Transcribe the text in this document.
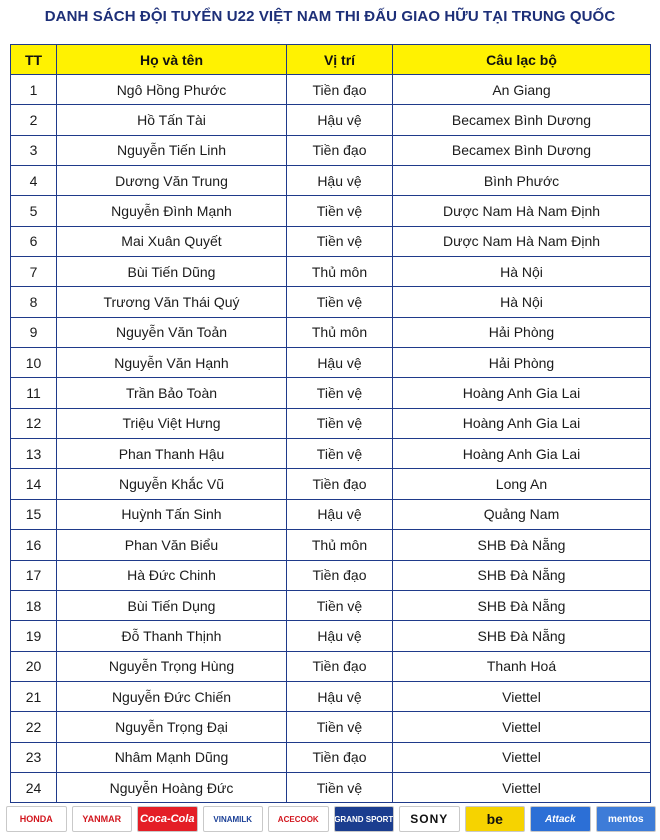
DANH SÁCH ĐỘI TUYỂN U22 VIỆT NAM THI ĐẤU GIAO HỮU TẠI TRUNG QUỐC
TT	Họ và tên	Vị trí	Câu lạc bộ
1	Ngô Hồng Phước	Tiền đạo	An Giang
2	Hồ Tấn Tài	Hậu vệ	Becamex Bình Dương
3	Nguyễn Tiến Linh	Tiền đạo	Becamex Bình Dương
4	Dương Văn Trung	Hậu vệ	Bình Phước
5	Nguyễn Đình Mạnh	Tiền vệ	Dược Nam Hà Nam Định
6	Mai Xuân Quyết	Tiền vệ	Dược Nam Hà Nam Định
7	Bùi Tiến Dũng	Thủ môn	Hà Nội
8	Trương Văn Thái Quý	Tiền vệ	Hà Nội
9	Nguyễn Văn Toản	Thủ môn	Hải Phòng
10	Nguyễn Văn Hạnh	Hậu vệ	Hải Phòng
11	Trần Bảo Toàn	Tiền vệ	Hoàng Anh Gia Lai
12	Triệu Việt Hưng	Tiền vệ	Hoàng Anh Gia Lai
13	Phan Thanh Hậu	Tiền vệ	Hoàng Anh Gia Lai
14	Nguyễn Khắc Vũ	Tiền đạo	Long An
15	Huỳnh Tấn Sinh	Hậu vệ	Quảng Nam
16	Phan Văn Biểu	Thủ môn	SHB Đà Nẵng
17	Hà Đức Chinh	Tiền đạo	SHB Đà Nẵng
18	Bùi Tiến Dụng	Tiền vệ	SHB Đà Nẵng
19	Đỗ Thanh Thịnh	Hậu vệ	SHB Đà Nẵng
20	Nguyễn Trọng Hùng	Tiền đạo	Thanh Hoá
21	Nguyễn Đức Chiến	Hậu vệ	Viettel
22	Nguyễn Trọng Đại	Tiền vệ	Viettel
23	Nhâm Mạnh Dũng	Tiền đạo	Viettel
24	Nguyễn Hoàng Đức	Tiền vệ	Viettel
HONDA	YANMAR	Coca-Cola	VINAMILK	ACECOOK	GRAND SPORT	SONY	be	Attack	mentos
